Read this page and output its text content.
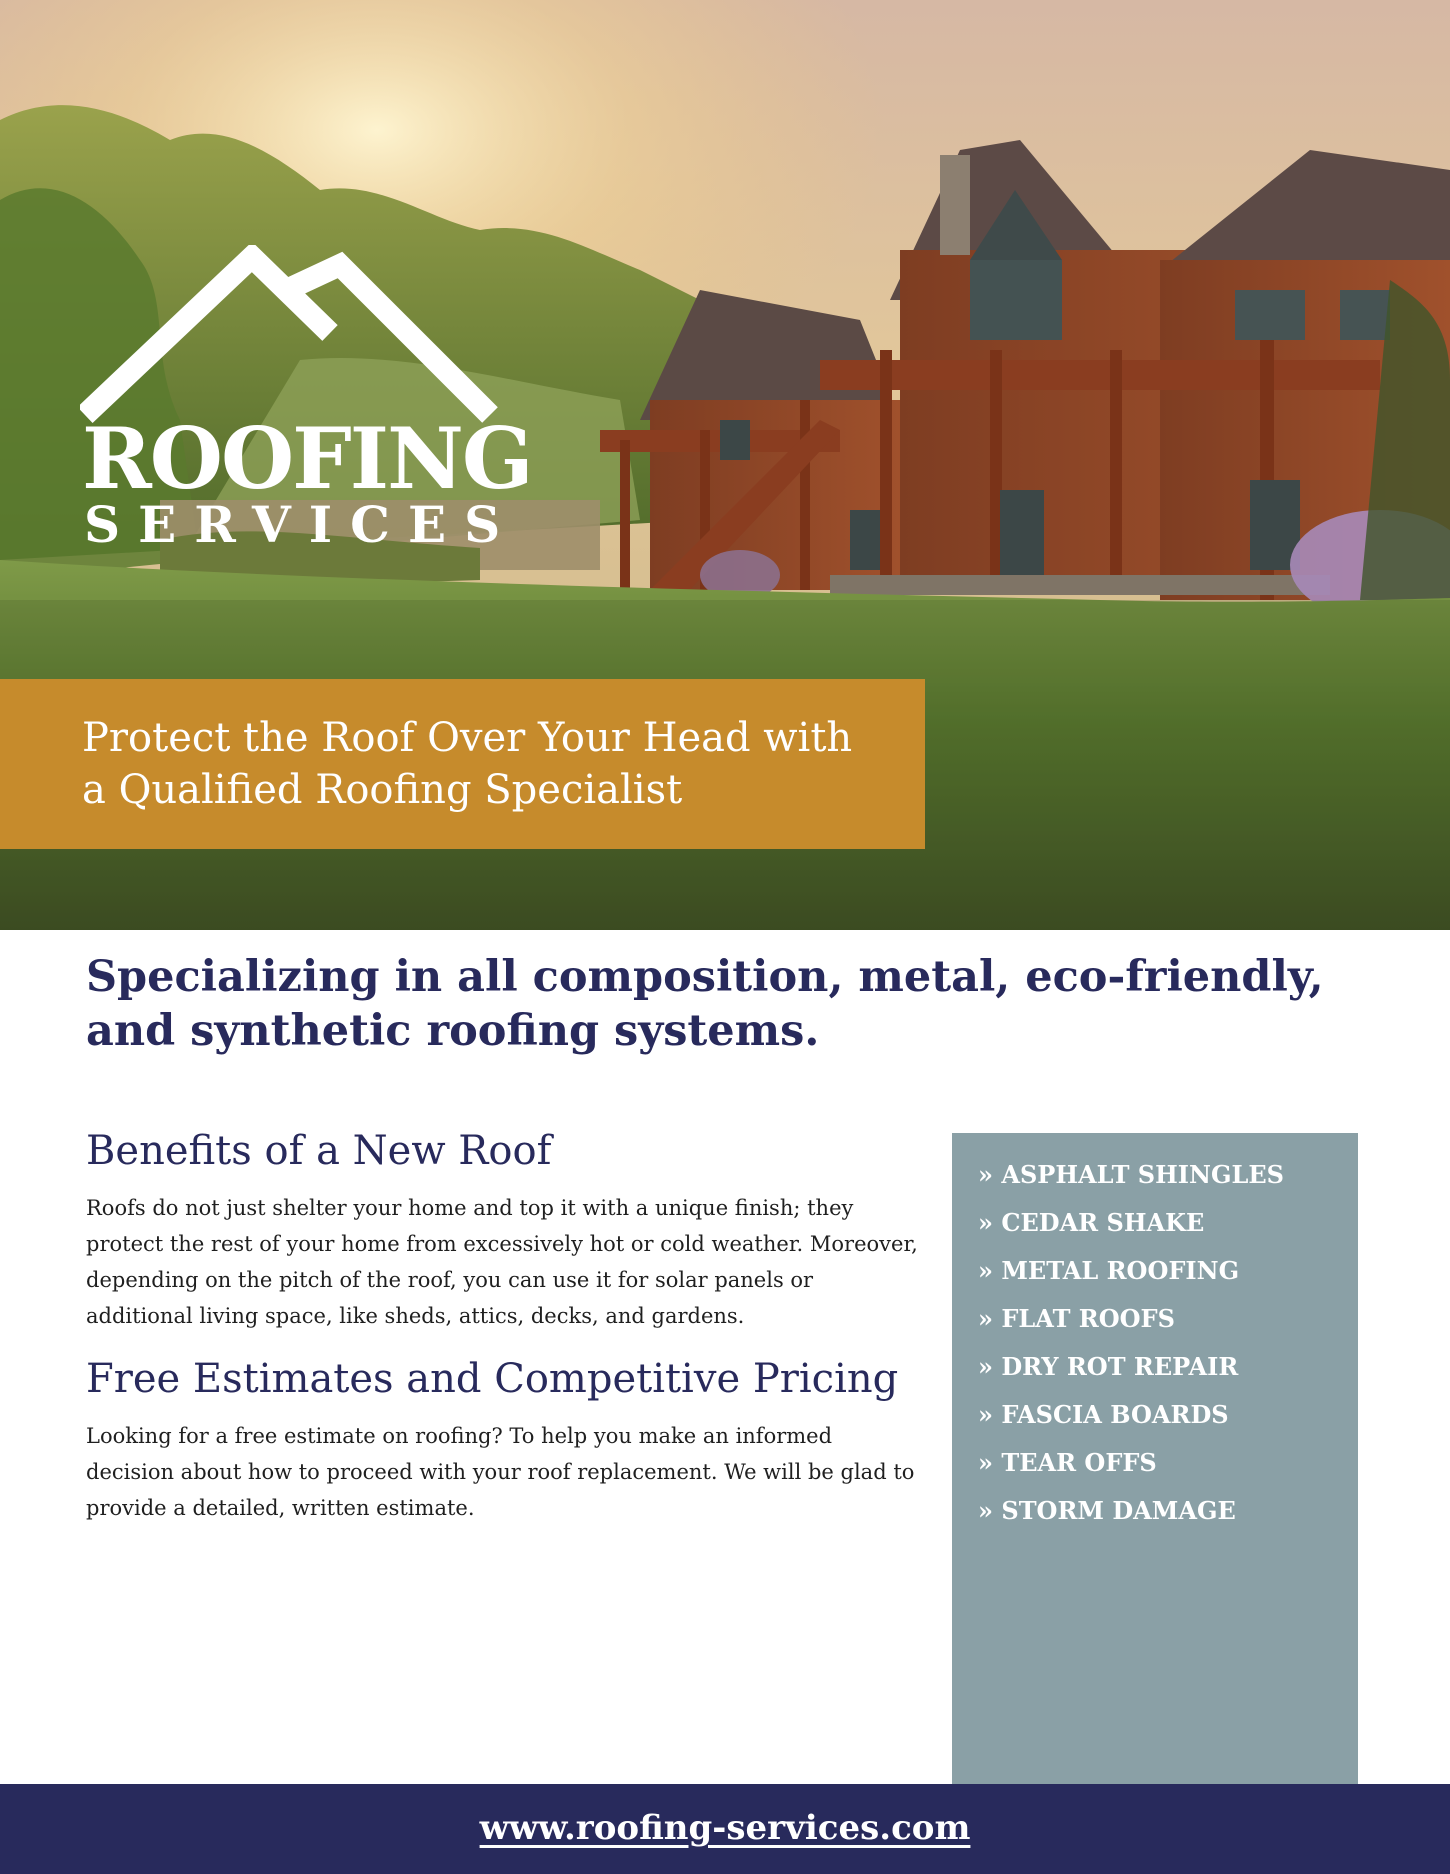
ROOFING
SERVICES
Protect the Roof Over Your Head with
a Qualified Roofing Specialist
Specializing in all composition, metal, eco-friendly, and synthetic roofing systems.
Benefits of a New Roof

Roofs do not just shelter your home and top it with a unique finish; they protect the rest of your home from excessively hot or cold weather. Moreover, depending on the pitch of the roof, you can use it for solar panels or additional living space, like sheds, attics, decks, and gardens.

Free Estimates and Competitive Pricing

Looking for a free estimate on roofing? To help you make an informed decision about how to proceed with your roof replacement. We will be glad to provide a detailed, written estimate.

» ASPHALT SHINGLES
» CEDAR SHAKE
» METAL ROOFING
» FLAT ROOFS
» DRY ROT REPAIR
» FASCIA BOARDS
» TEAR OFFS
» STORM DAMAGE
www.roofing-services.com
